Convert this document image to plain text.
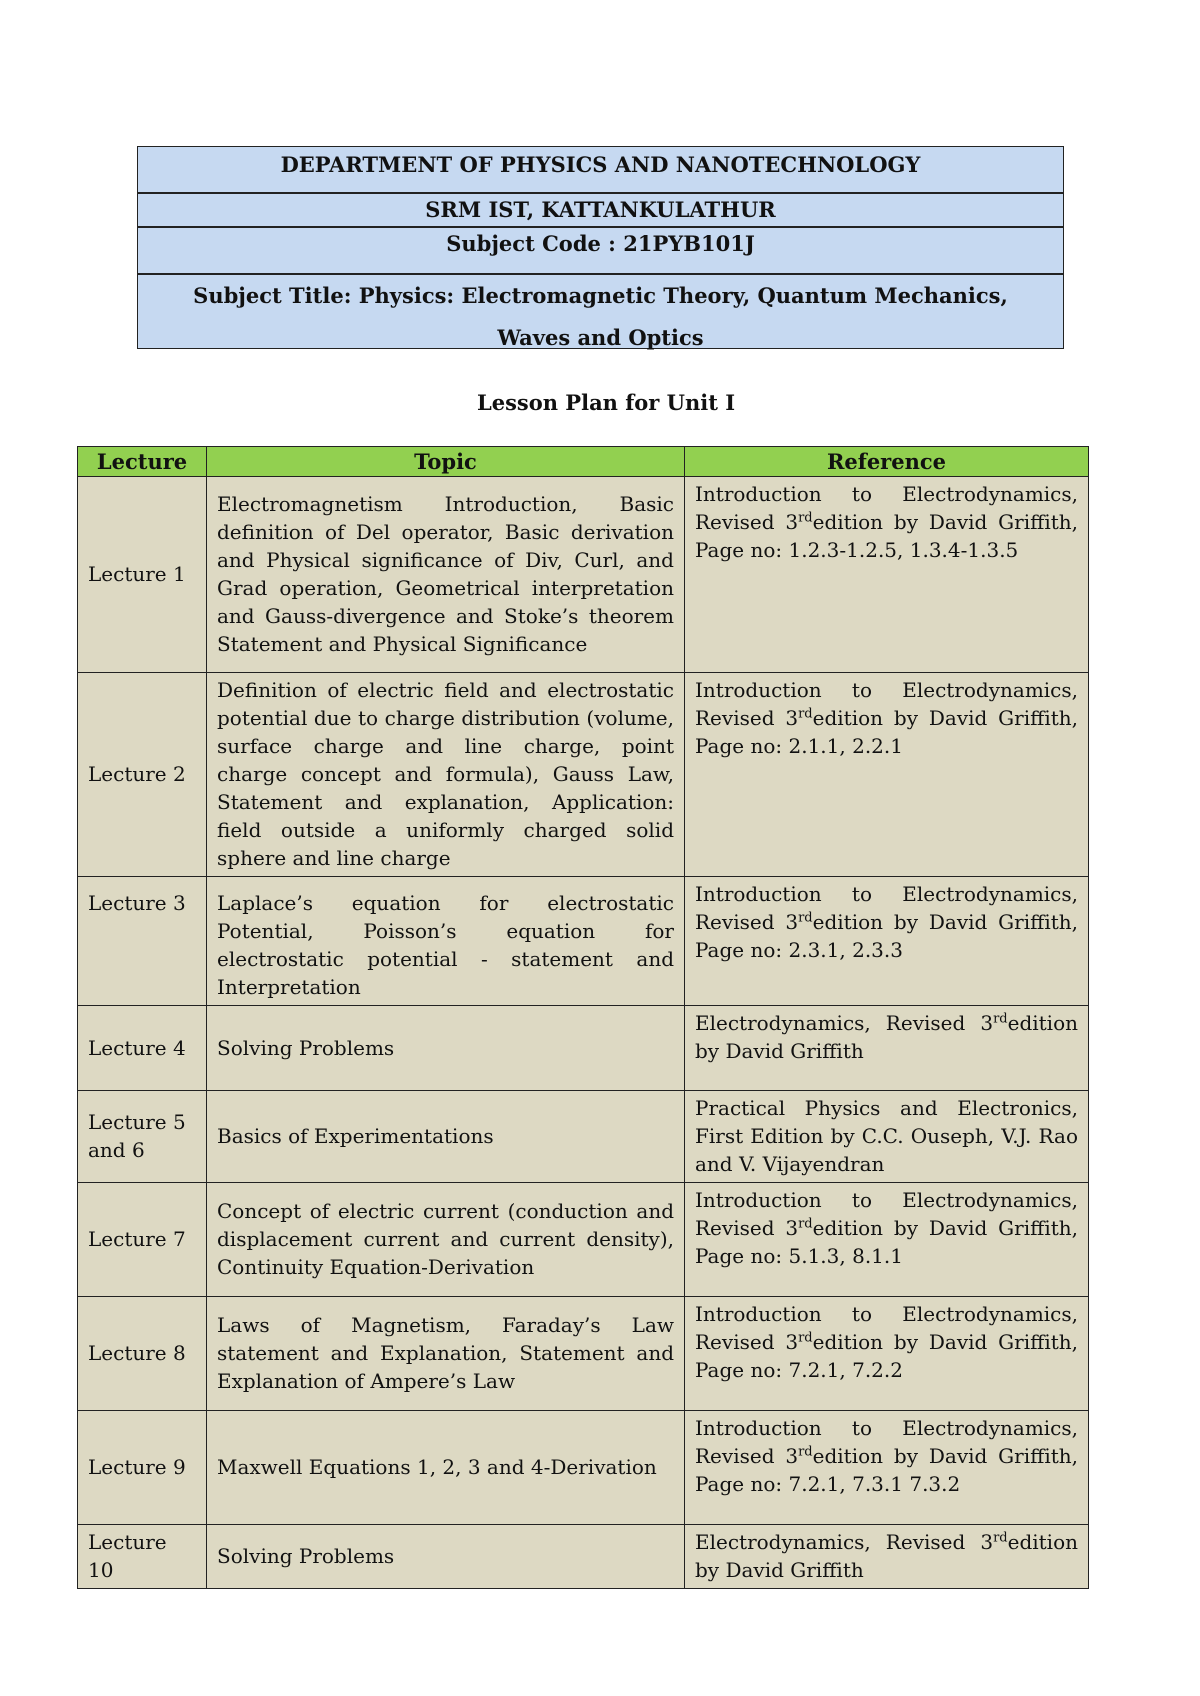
DEPARTMENT OF PHYSICS AND NANOTECHNOLOGY
SRM IST, KATTANKULATHUR
Subject Code : 21PYB101J
Subject Title: Physics: Electromagnetic Theory, Quantum Mechanics, Waves and Optics
Lesson Plan for Unit I
Lecture	Topic	Reference
Lecture 1	Electromagnetism Introduction, Basic definition of Del operator, Basic derivation and Physical significance of Div, Curl, and Grad operation, Geometrical interpretation and Gauss-divergence and Stoke’s theorem Statement and Physical Significance	Introduction to Electrodynamics, Revised 3rdedition by David Griffith, Page no: 1.2.3-1.2.5, 1.3.4-1.3.5
Lecture 2	Definition of electric field and electrostatic potential due to charge distribution (volume, surface charge and line charge, point charge concept and formula), Gauss Law, Statement and explanation, Application: field outside a uniformly charged solid sphere and line charge	Introduction to Electrodynamics, Revised 3rdedition by David Griffith, Page no: 2.1.1, 2.2.1
Lecture 3	Laplace’s equation for electrostatic Potential, Poisson’s equation for electrostatic potential - statement and Interpretation	Introduction to Electrodynamics, Revised 3rdedition by David Griffith, Page no: 2.3.1, 2.3.3
Lecture 4	Solving Problems	Electrodynamics, Revised 3rdedition by David Griffith
Lecture 5 and 6	Basics of Experimentations	Practical Physics and Electronics, First Edition by C.C. Ouseph, V.J. Rao and V. Vijayendran
Lecture 7	Concept of electric current (conduction and displacement current and current density), Continuity Equation-Derivation	Introduction to Electrodynamics, Revised 3rdedition by David Griffith, Page no: 5.1.3, 8.1.1
Lecture 8	Laws of Magnetism, Faraday’s Law statement and Explanation, Statement and Explanation of Ampere’s Law	Introduction to Electrodynamics, Revised 3rdedition by David Griffith, Page no: 7.2.1, 7.2.2
Lecture 9	Maxwell Equations 1, 2, 3 and 4-Derivation	Introduction to Electrodynamics, Revised 3rdedition by David Griffith, Page no: 7.2.1, 7.3.1 7.3.2
Lecture 10	Solving Problems	Electrodynamics, Revised 3rdedition by David Griffith
